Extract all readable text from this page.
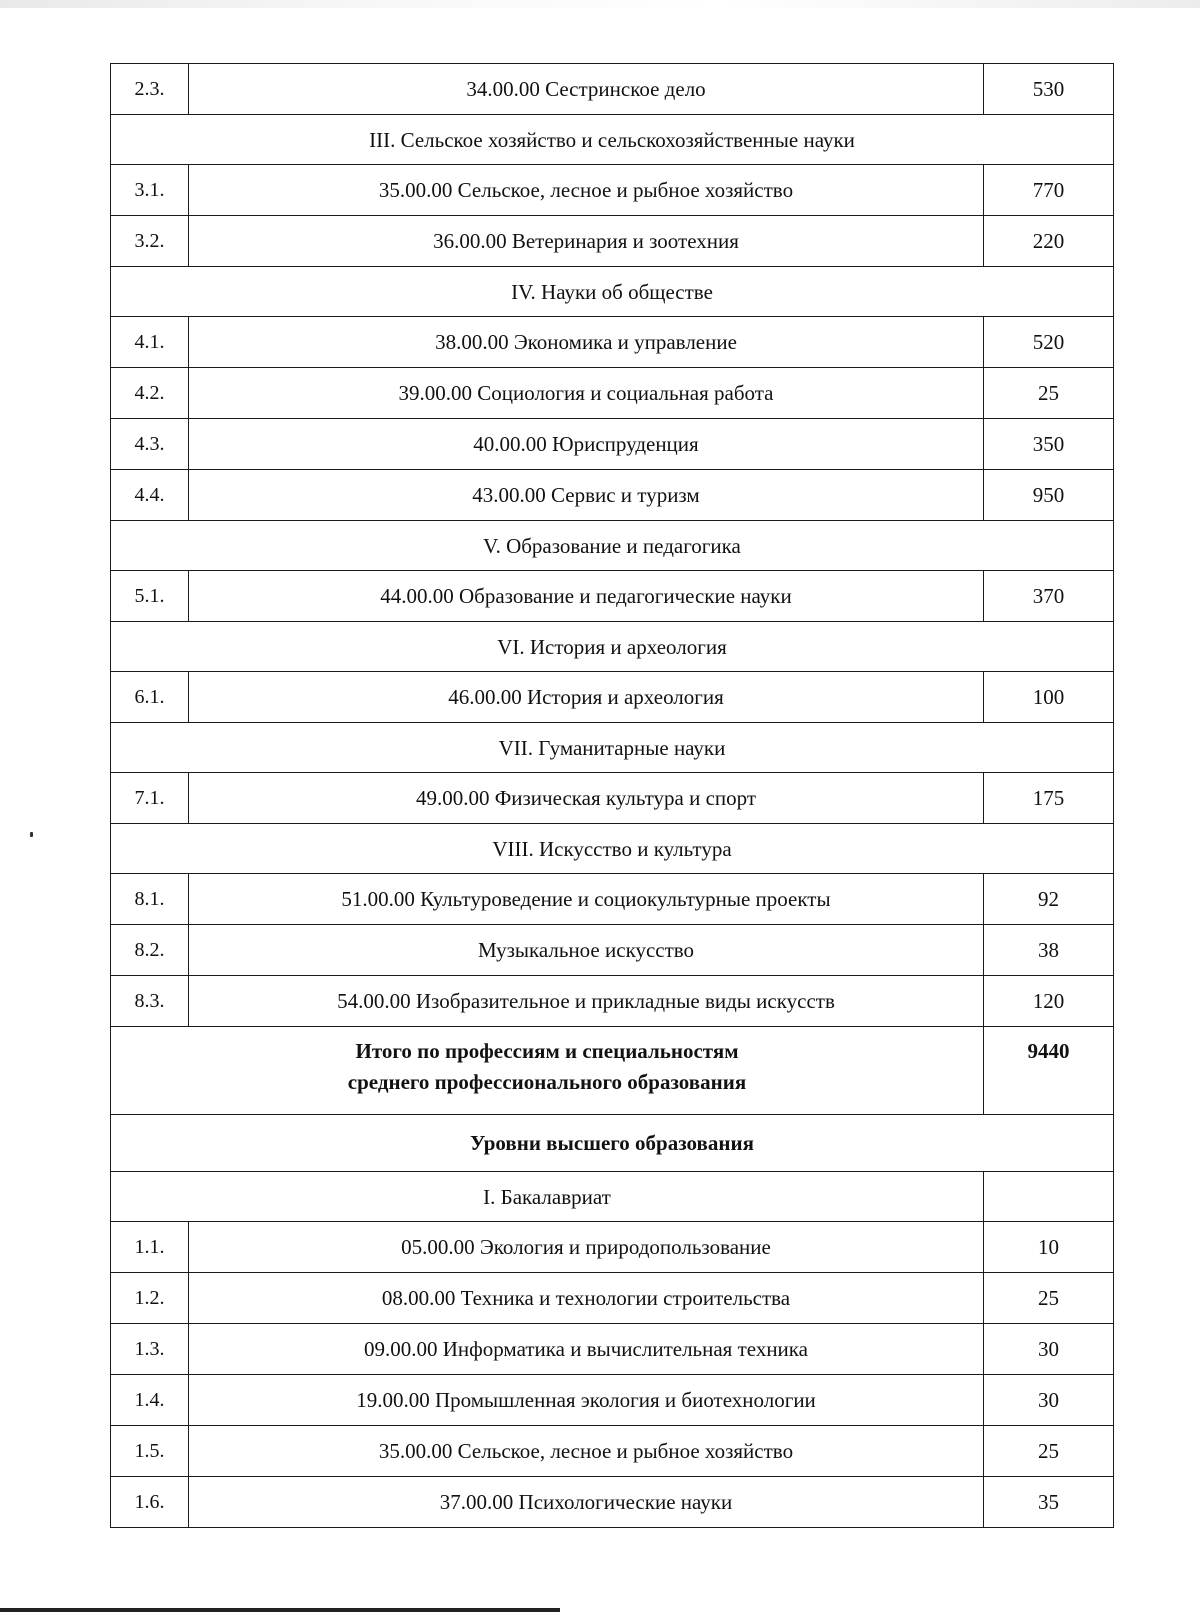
2.3.	34.00.00 Сестринское дело	530
III. Сельское хозяйство и сельскохозяйственные науки		
3.1.	35.00.00 Сельское, лесное и рыбное хозяйство	770
3.2.	36.00.00 Ветеринария и зоотехния	220
IV. Науки об обществе		
4.1.	38.00.00 Экономика и управление	520
4.2.	39.00.00 Социология и социальная работа	25
4.3.	40.00.00 Юриспруденция	350
4.4.	43.00.00 Сервис и туризм	950
V. Образование и педагогика		
5.1.	44.00.00 Образование и педагогические науки	370
VI. История и археология		
6.1.	46.00.00 История и археология	100
VII. Гуманитарные науки		
7.1.	49.00.00 Физическая культура и спорт	175
VIII. Искусство и культура		
8.1.	51.00.00 Культуроведение и социокультурные проекты	92
8.2.	Музыкальное искусство	38
8.3.	54.00.00 Изобразительное и прикладные виды искусств	120

Итого по профессиям и специальностям
среднего профессионального образования		9440
Уровни высшего образования		
I. Бакалавриат		
1.1.	05.00.00 Экология и природопользование	10
1.2.	08.00.00 Техника и технологии строительства	25
1.3.	09.00.00 Информатика и вычислительная техника	30
1.4.	19.00.00 Промышленная экология и биотехнологии	30
1.5.	35.00.00 Сельское, лесное и рыбное хозяйство	25
1.6.	37.00.00 Психологические науки	35
